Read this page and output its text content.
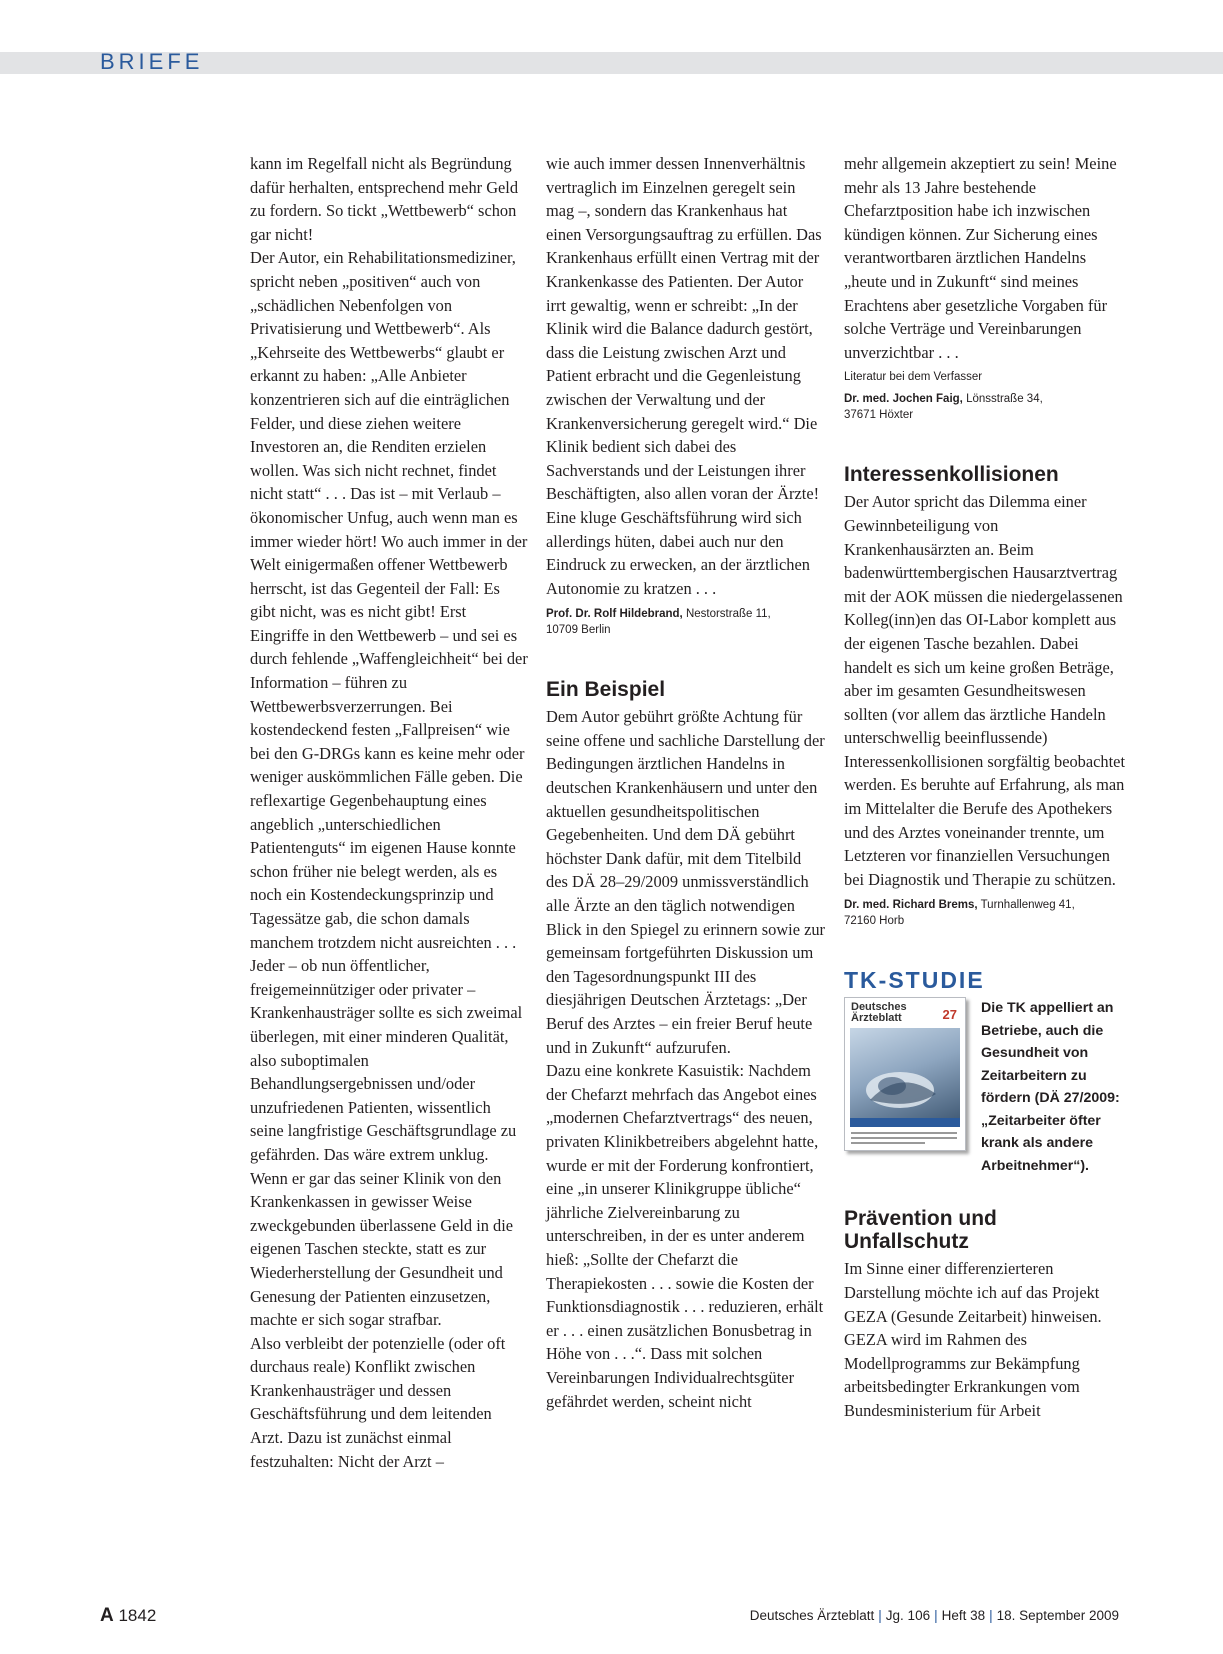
BRIEFE

kann im Regelfall nicht als Begründung dafür herhalten, entsprechend mehr Geld zu fordern. So tickt „Wettbewerb“ schon gar nicht!

Der Autor, ein Rehabilitationsmediziner, spricht neben „positiven“ auch von „schädlichen Nebenfolgen von Privatisierung und Wettbewerb“. Als „Kehrseite des Wettbewerbs“ glaubt er erkannt zu haben: „Alle Anbieter konzentrieren sich auf die einträglichen Felder, und diese ziehen weitere Investoren an, die Renditen erzielen wollen. Was sich nicht rechnet, findet nicht statt“ . . . Das ist – mit Verlaub – ökonomischer Unfug, auch wenn man es immer wieder hört! Wo auch immer in der Welt einigermaßen offener Wettbewerb herrscht, ist das Gegenteil der Fall: Es gibt nicht, was es nicht gibt! Erst Eingriffe in den Wettbewerb – und sei es durch fehlende „Waffengleichheit“ bei der Information – führen zu Wettbewerbsverzerrungen. Bei kostendeckend festen „Fallpreisen“ wie bei den G-DRGs kann es keine mehr oder weniger auskömmlichen Fälle geben. Die reflexartige Gegenbehauptung eines angeblich „unterschiedlichen Patientenguts“ im eigenen Hause konnte schon früher nie belegt werden, als es noch ein Kostendeckungsprinzip und Tagessätze gab, die schon damals manchem trotzdem nicht ausreichten . . .

Jeder – ob nun öffentlicher, freigemeinnütziger oder privater – Krankenhausträger sollte es sich zweimal überlegen, mit einer minderen Qualität, also suboptimalen Behandlungsergebnissen und/oder unzufriedenen Patienten, wissentlich seine langfristige Geschäftsgrundlage zu gefährden. Das wäre extrem unklug. Wenn er gar das seiner Klinik von den Krankenkassen in gewisser Weise zweckgebunden überlassene Geld in die eigenen Taschen steckte, statt es zur Wiederherstellung der Gesundheit und Genesung der Patienten einzusetzen, machte er sich sogar strafbar.

Also verbleibt der potenzielle (oder oft durchaus reale) Konflikt zwischen Krankenhausträger und dessen Geschäftsführung und dem leitenden Arzt. Dazu ist zunächst einmal festzuhalten: Nicht der Arzt –

wie auch immer dessen Innenverhältnis vertraglich im Einzelnen geregelt sein mag –, sondern das Krankenhaus hat einen Versorgungsauftrag zu erfüllen. Das Krankenhaus erfüllt einen Vertrag mit der Krankenkasse des Patienten. Der Autor irrt gewaltig, wenn er schreibt: „In der Klinik wird die Balance dadurch gestört, dass die Leistung zwischen Arzt und Patient erbracht und die Gegenleistung zwischen der Verwaltung und der Krankenversicherung geregelt wird.“ Die Klinik bedient sich dabei des Sachverstands und der Leistungen ihrer Beschäftigten, also allen voran der Ärzte! Eine kluge Geschäftsführung wird sich allerdings hüten, dabei auch nur den Eindruck zu erwecken, an der ärztlichen Autonomie zu kratzen . . .

Prof. Dr. Rolf Hildebrand, Nestorstraße 11,
10709 Berlin

Ein Beispiel

Dem Autor gebührt größte Achtung für seine offene und sachliche Darstellung der Bedingungen ärztlichen Handelns in deutschen Krankenhäusern und unter den aktuellen gesundheitspolitischen Gegebenheiten. Und dem DÄ gebührt höchster Dank dafür, mit dem Titelbild des DÄ 28–29/2009 unmissverständlich alle Ärzte an den täglich notwendigen Blick in den Spiegel zu erinnern sowie zur gemeinsam fortgeführten Diskussion um den Tagesordnungspunkt III des diesjährigen Deutschen Ärztetags: „Der Beruf des Arztes – ein freier Beruf heute und in Zukunft“ aufzurufen.

Dazu eine konkrete Kasuistik: Nachdem der Chefarzt mehrfach das Angebot eines „modernen Chefarztvertrags“ des neuen, privaten Klinikbetreibers abgelehnt hatte, wurde er mit der Forderung konfrontiert, eine „in unserer Klinikgruppe übliche“ jährliche Zielvereinbarung zu unterschreiben, in der es unter anderem hieß: „Sollte der Chefarzt die Therapiekosten . . . sowie die Kosten der Funktionsdiagnostik . . . reduzieren, erhält er . . . einen zusätzlichen Bonusbetrag in Höhe von . . .“. Dass mit solchen Vereinbarungen Individualrechtsgüter gefährdet werden, scheint nicht

mehr allgemein akzeptiert zu sein! Meine mehr als 13 Jahre bestehende Chefarztposition habe ich inzwischen kündigen können. Zur Sicherung eines verantwortbaren ärztlichen Handelns „heute und in Zukunft“ sind meines Erachtens aber gesetzliche Vorgaben für solche Verträge und Vereinbarungen unverzichtbar . . .

Literatur bei dem Verfasser

Dr. med. Jochen Faig, Lönsstraße 34,
37671 Höxter

Interessenkollisionen

Der Autor spricht das Dilemma einer Gewinnbeteiligung von Krankenhausärzten an. Beim badenwürttembergischen Hausarztvertrag mit der AOK müssen die niedergelassenen Kolleg(inn)en das OI-Labor komplett aus der eigenen Tasche bezahlen. Dabei handelt es sich um keine großen Beträge, aber im gesamten Gesundheitswesen sollten (vor allem das ärztliche Handeln unterschwellig beeinflussende) Interessenkollisionen sorgfältig beobachtet werden. Es beruhte auf Erfahrung, als man im Mittelalter die Berufe des Apothekers und des Arztes voneinander trennte, um Letzteren vor finanziellen Versuchungen bei Diagnostik und Therapie zu schützen.

Dr. med. Richard Brems, Turnhallenweg 41,
72160 Horb

TK-STUDIE
Deutsches Ärzteblatt	27 Die TK appelliert an Betriebe, auch die Gesundheit von Zeitarbeitern zu fördern (DÄ 27/2009: „Zeitarbeiter öfter krank als andere Arbeitnehmer“).
Prävention und Unfallschutz

Im Sinne einer differenzierteren Darstellung möchte ich auf das Projekt GEZA (Gesunde Zeitarbeit) hinweisen. GEZA wird im Rahmen des Modellprogramms zur Bekämpfung arbeitsbedingter Erkrankungen vom Bundesministerium für Arbeit

A 1842	Deutsches Ärzteblatt | Jg. 106 | Heft 38 | 18. September 2009
